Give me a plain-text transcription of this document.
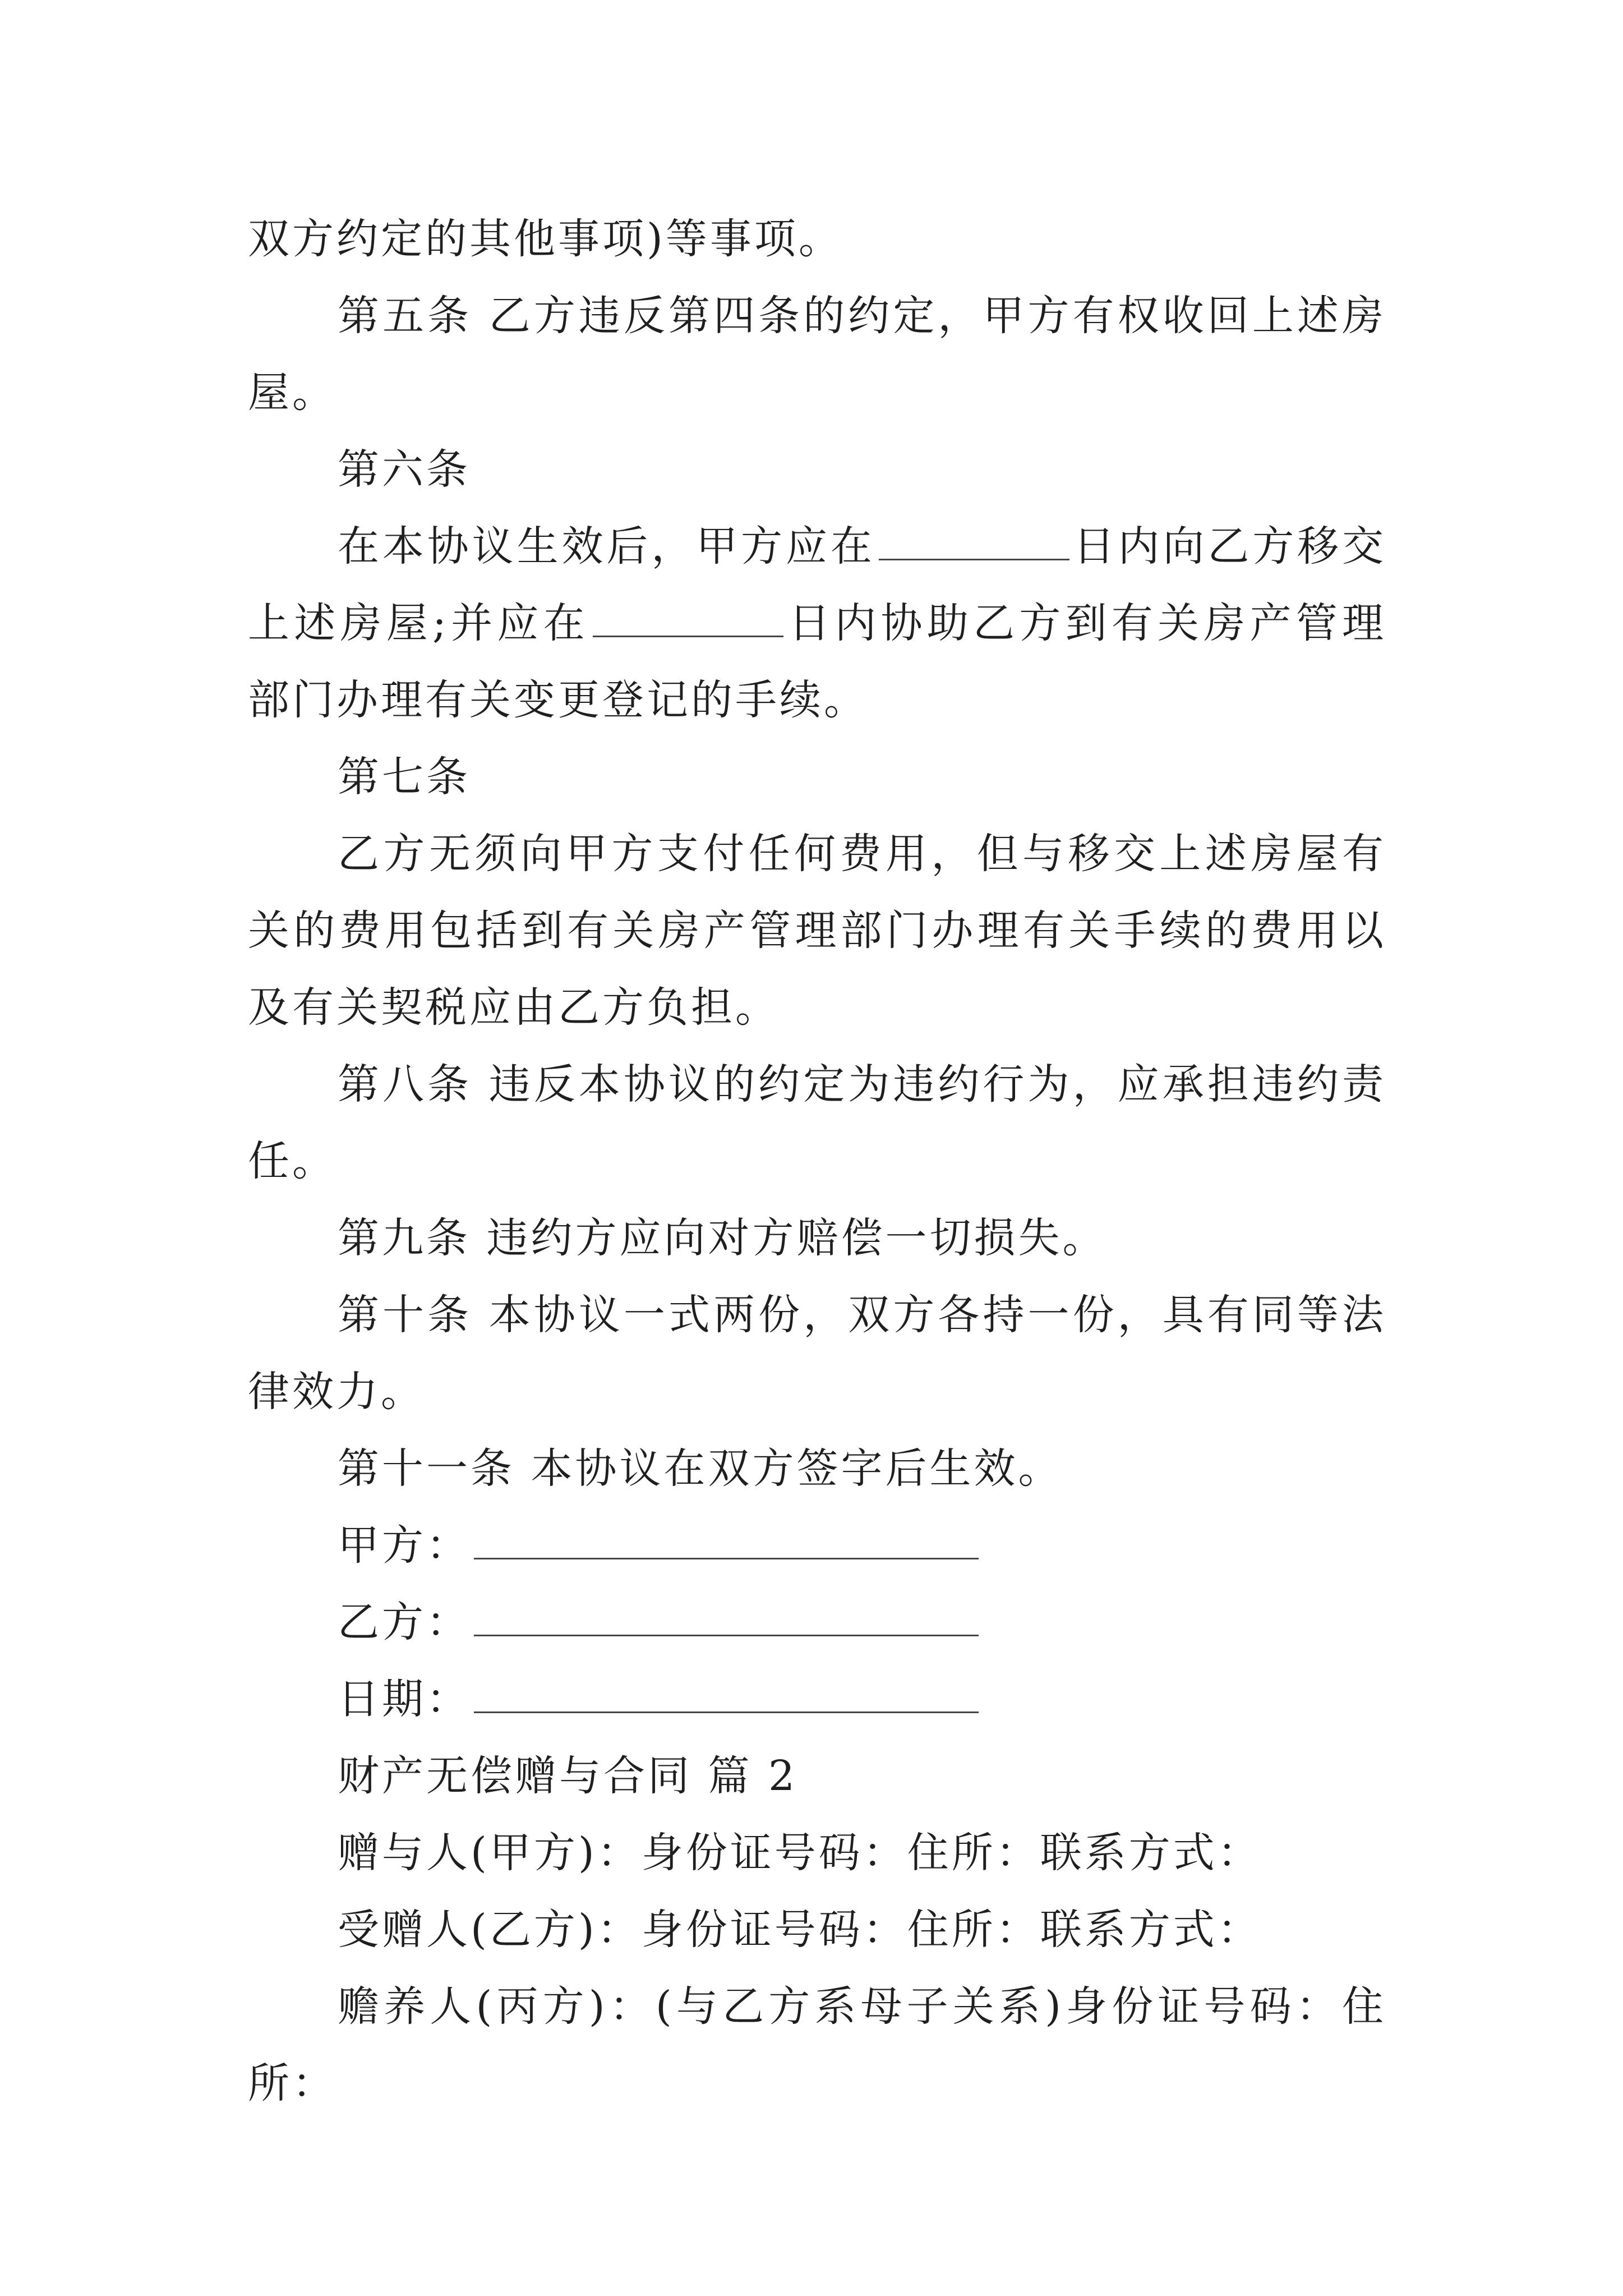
双方约定的其他事项)等事项。

第五条 乙方违反第四条的约定，甲方有权收回上述房屋。

第六条

在本协议生效后，甲方应在	日内向乙方移交上述房屋;并应在	日内协助乙方到有关房产管理部门办理有关变更登记的手续。

第七条

乙方无须向甲方支付任何费用，但与移交上述房屋有关的费用包括到有关房产管理部门办理有关手续的费用以及有关契税应由乙方负担。

第八条 违反本协议的约定为违约行为，应承担违约责任。

第九条 违约方应向对方赔偿一切损失。

第十条 本协议一式两份，双方各持一份，具有同等法律效力。

第十一条 本协议在双方签字后生效。

甲方：

乙方：

日期：

财产无偿赠与合同 篇 2

赠与人(甲方)：身份证号码：住所：联系方式：

受赠人(乙方)：身份证号码：住所：联系方式：

赡养人(丙方)：(与乙方系母子关系)身份证号码：住所：
